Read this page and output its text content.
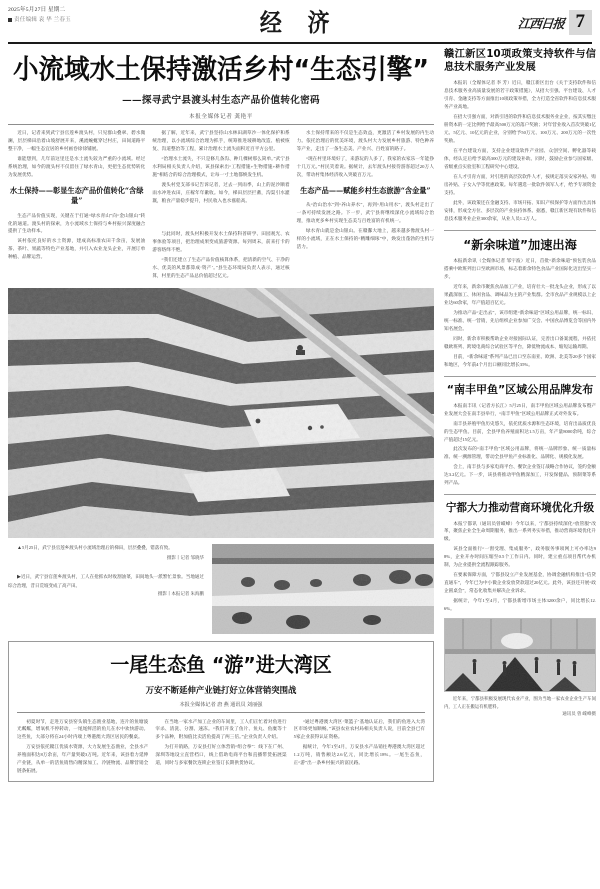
2025年5月27日 星期二
责任编辑 袁 华 兰春玉	经 济	江西日报 7
小流域水土保持激活乡村“生态引擎”
——探寻武宁县渡头村生态产品价值转化密码
本报全媒体记者 龚艳平

近日，记者来到武宁县官莲乡渡头村，只见群山叠翠、碧水微澜，层层梯田沿着山坡舒展开来，溪流蜿蜒穿过村庄，田间道路平整干净，一幅生态宜居的乡村画卷徐徐铺展。

谁能想到，几年前这里还是水土流失较为严重的小流域。经过系统治理，如今的渡头村不仅留住了绿水青山，更把生态优势转化为发展优势。

水土保持——彰显生态产品价值转化“含绿量”

生态产品价值实现，关键在于打通“绿水青山”向“金山银山”转化的通道。渡头村的探索，为小流域水土保持与乡村振兴深度融合提供了生动样本。

该村依托良好的水土资源，建成高标准农田千余亩，发展油茶、茶叶、果蔬等特色产业基地，并引入农业龙头企业，开展订单种植、品牌运营。

据了解，近年来，武宁县坚持山水林田湖草沙一体化保护和系统治理，以小流域综合治理为抓手，统筹推进坡耕地改造、植被恢复、沟道整治等工程，累计治理水土流失面积近百平方公里。

“治理水土流失，不只是修几条沟、种几棵树那么简单。”武宁县水利局相关负责人介绍，该县探索出“工程措施+生物措施+耕作措施”相结合的综合治理模式，让每一寸土地都焕发生机。

渡头村党支部书记告诉记者，过去一到雨季，山上的泥沙顺着雨水冲进农田，庄稼年年歉收。如今，梯田层层拦蓄，沟渠引水灌溉，粮食产量稳步提升，村民收入也水涨船高。

与此同时，渡头村积极开发水土保持科普研学、田园观光、农事体验等项目，把治理成果变成旅游资源。每到周末，前来打卡的游客络绎不绝。

“我们还建立了生态产品价值核算体系，把清新的空气、干净的水、优美的风景都算成‘资产’。”县生态环境局负责人表示，通过核算，村里的生态产品总价值超过亿元。

水土保持带来的不仅是生态效益，更激活了乡村发展的内生动力。依托治理后的优美环境，渡头村大力发展乡村旅游、特色种养等产业，走出了一条生态美、产业兴、百姓富的路子。

“现在村里环境好了，来游玩的人多了，我家的农家乐一年能挣十几万元。”村民笑着说。据统计，去年渡头村接待游客超过20万人次，带动村集体经济收入突破百万元。

生态产品——赋能乡村生态旅游“含金量”

从“治山治水”到“养山养水”，再到“用山用水”，渡头村走出了一条可持续发展之路。下一步，武宁县将继续深化小流域综合治理，推动更多乡村实现生态美与百姓富的有机统一。

绿水青山就是金山银山。在赣鄱大地上，越来越多像渡头村一样的小流域，正在水土保持的“精雕细琢”中，焕发出蓬勃的生机与活力。

▲5月25日，武宁县官莲乡渡头村小流域治理后的梯田，层层叠叠，错落有致。
摄影丨记者 邹晓华
▶近日，武宁县官莲乡渡头村，工人在抢抓农时收割油菜，田间地头一派繁忙景象。当地通过综合治理，昔日荒坡变成了高产田。
摄影丨本报记者 朱海鹏
一尾生态鱼 “游”进大湾区
万安不断延伸产业链打好立体营销突围战
本报全媒体记者 唐 燕 通讯员 刘丽强

初夏时节，走进万安县窑头镇生态渔业基地，连片的鱼塘波光粼粼，增氧机不停转动，一尾尾鲜活的鱼儿在水中欢快游动。这些鱼，大部分将在24小时内端上粤港澳大湾区居民的餐桌。

万安县依托赣江优质水资源，大力发展生态渔业，全县水产养殖面积达8万余亩，年产量突破3万吨。近年来，该县着力延伸产业链，从单一的活鱼销售向精深加工、冷链物流、品牌营销全链条拓展。

在当地一家水产加工企业的车间里，工人们正忙着对鱼进行宰杀、清洗、分割、速冻。“我们开发了鱼片、鱼丸、鱼糜等十多个品种，附加值比卖活鱼提高了两三倍。”企业负责人介绍。

为打开销路，万安县打好立体营销“组合拳”：线下在广州、深圳等地设立直营档口，线上借助电商平台和直播带货拓展渠道，同时与多家餐饮连锁企业签订长期供货协议。

“通过粤港澳大湾区‘菜篮子’基地认证后，我们的鱼进入大湾区市场更加顺畅。”该县农业农村局相关负责人说，目前全县已有5家企业获得认证资格。

据统计，今年1至4月，万安县水产品销往粤港澳大湾区超过1.2万吨，销售额达2.6亿元，同比增长18%。一尾生态鱼，正“游”出一条乡村振兴的富民路。

赣江新区10项政策支持软件与信息技术服务产业发展

本报讯（全媒体记者 李 芳）近日，赣江新区出台《关于支持软件和信息技术服务业高质量发展的若干政策措施》，从招大引强、平台建设、人才引育、金融支持等方面推出10项政策举措，全力打造全省软件和信息技术服务产业高地。

在招大引强方面，对新引进的软件和信息技术服务业企业，按其实缴注册资本的一定比例给予最高500万元的落户奖励；对年营业收入首次突破1亿元、5亿元、10亿元的企业，分别给予50万元、100万元、200万元的一次性奖励。

在平台建设方面，支持企业建设软件产业园、众创空间、孵化器等载体，经认定后给予最高300万元的建设补助。同时，鼓励企业参与国家级、省级重点实验室和工程研究中心建设。

在人才引育方面，对引进的高层次软件人才，按规定落实安家补贴、购房补贴、子女入学等优惠政策。每年遴选一批软件领军人才，给予专项资金支持。

此外，该政策还在金融支持、市场开拓、知识产权保护等方面作出具体安排，形成全方位、多层次的产业扶持体系。据悉，赣江新区现有软件和信息技术服务业企业300余家，从业人员1.2万人。

“新余味道”加速出海

本报新余讯（全媒体记者 邹宇波）近日，首批“新余味道”预包装食品搭乘中欧班列出口至欧洲市场，标志着新余特色食品产业国际化迈出坚实一步。

近年来，新余市聚焦食品加工产业，培育壮大一批龙头企业，形成了以果蔬深加工、休闲食品、调味品为主的产业集群。全市食品产业规模以上企业达60余家，年产值超百亿元。

为推动产品“走出去”，该市组建“新余味道”区域公用品牌，统一标识、统一标准、统一营销，先后组织企业参加广交会、中国食品博览会等国内外知名展会。

同时，新余市积极帮助企业对接国际认证，完善出口备案流程，并依托赣欧班列、跨境电商综合试验区等平台，降低物流成本、缩短运输周期。

目前，“新余味道”系列产品已出口至东南亚、欧洲、北美等20多个国家和地区，今年前4个月出口额同比增长35%。

“南丰甲鱼”区域公用品牌发布

本报南丰讯（记者方长江）5月25日，南丰甲鱼区域公用品牌发布暨产业发展大会在南丰县举行，“南丰甲鱼”区域公用品牌正式对外发布。

南丰县养殖甲鱼历史悠久，依托优质水源和生态环境，培育出品质优良的生态甲鱼。目前，全县甲鱼养殖面积达1.5万亩，年产量8000余吨，综合产值超过15亿元。

此次发布的“南丰甲鱼”区域公用品牌，将统一品牌形象、统一质量标准、统一溯源管理，带动全县甲鱼产业标准化、品牌化、规模化发展。

会上，南丰县与多家电商平台、餐饮企业签订战略合作协议，签约金额达3.2亿元。下一步，该县将推动甲鱼精深加工，开发保健品、预制菜等系列产品。

宁都大力推动营商环境优化升级

本报宁都讯（通讯员曾嵘峰）今年以来，宁都县持续深化“放管服”改革，聚焦企业全生命周期服务，推出一系列务实举措，推动营商环境优化升级。

该县全面推行“一窗受理、集成服务”，政务服务事项网上可办率达98%，企业开办时间压缩至0.5个工作日内。同时，建立重点项目帮代办机制，为企业提供全流程跟踪服务。

在要素保障方面，宁都县设立产业发展基金，协调金融机构推出“信贷直通车”，今年已为中小微企业发放贷款超过20亿元。此外，该县还开展“政企圆桌会”，常态化收集并解决企业诉求。

据统计，今年1至4月，宁都县新增市场主体3200余户，同比增长12.6%。

近年来，宁都县积极发展现代农业产业，图为当地一家农业企业生产车间内，工人正在搬运有机肥料。
通讯员 曾 嵘峰摄
